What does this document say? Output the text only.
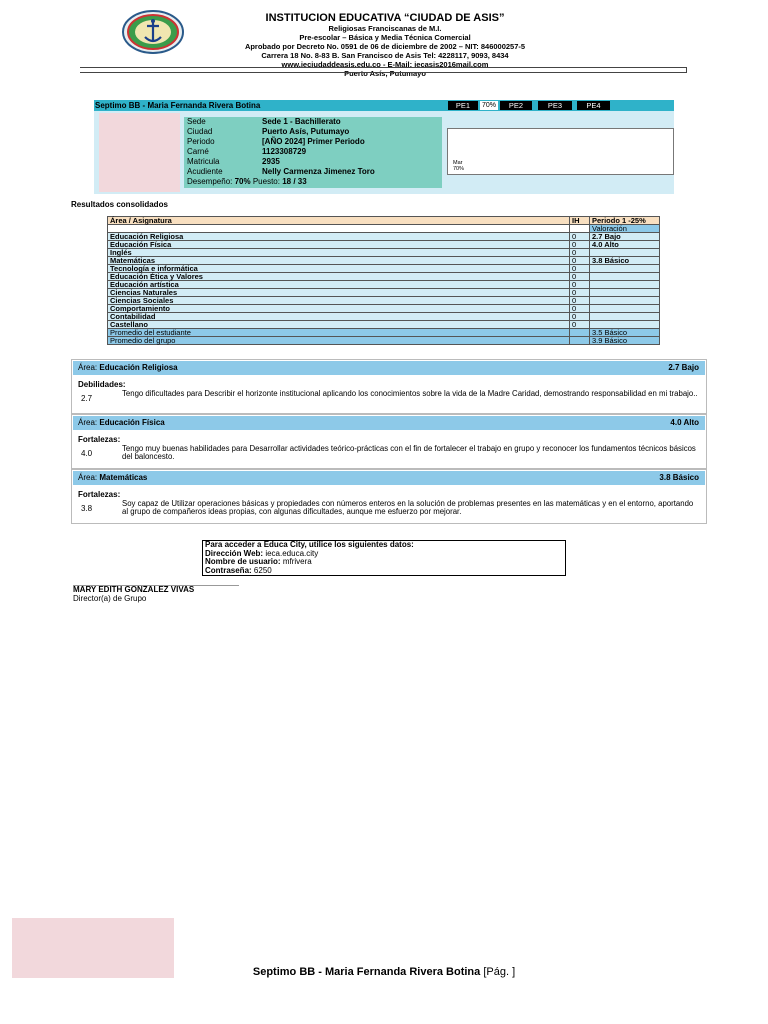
INSTITUCION EDUCATIVA “CIUDAD DE ASIS”
Religiosas Franciscanas de M.I.
Pre-escolar – Básica y Media Técnica Comercial
Aprobado por Decreto No. 0591 de 06 de diciembre de 2002 – NIT: 846000257-5
Carrera 18 No. 8-83 B. San Francisco de Asis Tel: 4228117, 9093, 8434
www.ieciudaddeasis.edu.co - E-Mail: iecasis2016mail.com
Puerto Asís, Putumayo
Septimo BB - Maria Fernanda Rivera Botina	PE1	70%	PE2	PE3	PE4
Sede	Sede 1 - Bachillerato
Ciudad	Puerto Asís, Putumayo
Periodo	[AÑO 2024] Primer Periodo
Carné	1123308729
Matricula	2935
Acudiente	Nelly Carmenza Jimenez Toro
Desempeño: 70% Puesto: 18 / 33
Mar
70%
Resultados consolidados
Área / Asignatura	IH	Periodo 1 -25%
		Valoración
Educación Religiosa	0	2.7 Bajo
Educación Física	0	4.0 Alto
Inglés	0	
Matemáticas	0	3.8 Básico
Tecnología e informática	0	
Educación Ética y Valores	0	
Educación artística	0	
Ciencias Naturales	0	
Ciencias Sociales	0	
Comportamiento	0	
Contabilidad	0	
Castellano	0	
Promedio del estudiante		3.5 Básico
Promedio del grupo		3.9 Básico
Área: Educación Religiosa	2.7 Bajo
Debilidades:
2.7
Tengo dificultades para Describir el horizonte institucional aplicando los conocimientos sobre la vida de la Madre Caridad, demostrando responsabilidad en mi trabajo..
Área: Educación Física	4.0 Alto
Fortalezas:
4.0
Tengo muy buenas habilidades para Desarrollar actividades teórico-prácticas con el fin de fortalecer el trabajo en grupo y reconocer los fundamentos técnicos básicos del baloncesto.
Área: Matemáticas	3.8 Básico
Fortalezas:
3.8
Soy capaz de Utilizar operaciones básicas y propiedades con números enteros en la solución de problemas presentes en las matemáticas y en el entorno, aportando al grupo de compañeros ideas propias, con algunas dificultades, aunque me esfuerzo por mejorar.
Para acceder a Educa City, utilice los siguientes datos:
Dirección Web: ieca.educa.city
Nombre de usuario: mfrivera
Contraseña: 6250
MARY EDITH GONZALEZ VIVAS
Director(a) de Grupo
Septimo BB - Maria Fernanda Rivera Botina [Pág. ]
